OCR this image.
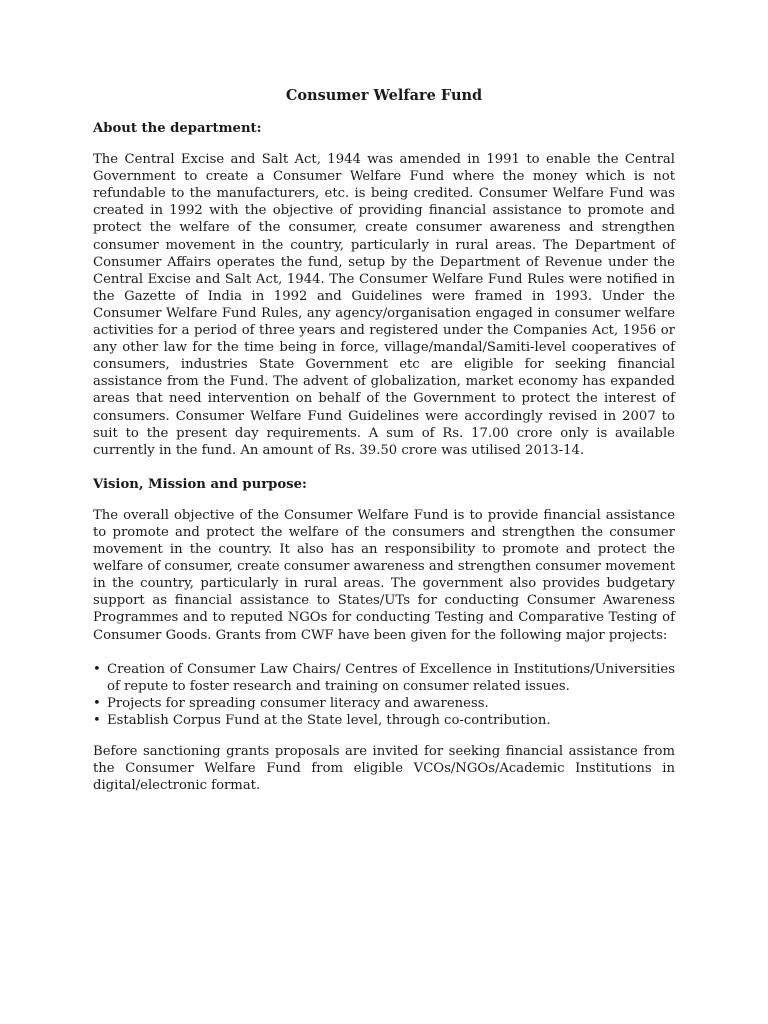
Consumer Welfare Fund
About the department:

The Central Excise and Salt Act, 1944 was amended in 1991 to enable the Central Government to create a Consumer Welfare Fund where the money which is not refundable to the manufacturers, etc. is being credited. Consumer Welfare Fund was created in 1992 with the objective of providing financial assistance to promote and protect the welfare of the consumer, create consumer awareness and strengthen consumer movement in the country, particularly in rural areas. The Department of Consumer Affairs operates the fund, setup by the Department of Revenue under the Central Excise and Salt Act, 1944. The Consumer Welfare Fund Rules were notified in the Gazette of India in 1992 and Guidelines were framed in 1993. Under the Consumer Welfare Fund Rules, any agency/organisation engaged in consumer welfare activities for a period of three years and registered under the Companies Act, 1956 or any other law for the time being in force, village/mandal/Samiti-level cooperatives of consumers, industries State Government etc are eligible for seeking financial assistance from the Fund. The advent of globalization, market economy has expanded areas that need intervention on behalf of the Government to protect the interest of consumers. Consumer Welfare Fund Guidelines were accordingly revised in 2007 to suit to the present day requirements. A sum of Rs. 17.00 crore only is available currently in the fund. An amount of Rs. 39.50 crore was utilised 2013-14.

Vision, Mission and purpose:

The overall objective of the Consumer Welfare Fund is to provide financial assistance to promote and protect the welfare of the consumers and strengthen the consumer movement in the country. It also has an responsibility to promote and protect the welfare of consumer, create consumer awareness and strengthen consumer movement in the country, particularly in rural areas. The government also provides budgetary support as financial assistance to States/UTs for conducting Consumer Awareness Programmes and to reputed NGOs for conducting Testing and Comparative Testing of Consumer Goods. Grants from CWF have been given for the following major projects:

• Creation of Consumer Law Chairs/ Centres of Excellence in Institutions/Universities of repute to foster research and training on consumer related issues.
• Projects for spreading consumer literacy and awareness.
• Establish Corpus Fund at the State level, through co-contribution.

Before sanctioning grants proposals are invited for seeking financial assistance from the Consumer Welfare Fund from eligible VCOs/NGOs/Academic Institutions in digital/electronic format.
